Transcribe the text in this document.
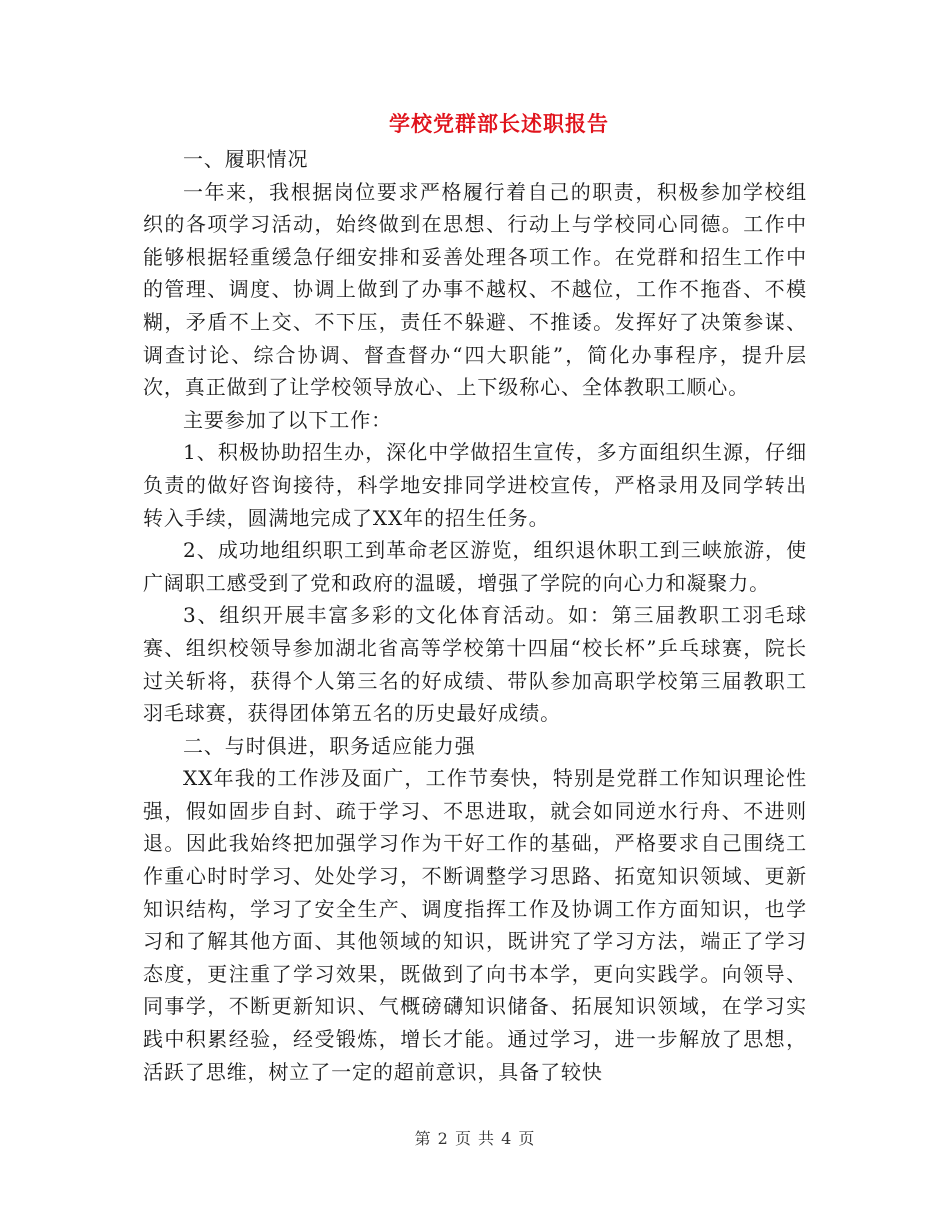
学校党群部长述职报告

一、履职情况

一年来，我根据岗位要求严格履行着自己的职责，积极参加学校组织的各项学习活动，始终做到在思想、行动上与学校同心同德。工作中能够根据轻重缓急仔细安排和妥善处理各项工作。在党群和招生工作中的管理、调度、协调上做到了办事不越权、不越位，工作不拖沓、不模糊，矛盾不上交、不下压，责任不躲避、不推诿。发挥好了决策参谋、调查讨论、综合协调、督查督办“四大职能”，简化办事程序，提升层次，真正做到了让学校领导放心、上下级称心、全体教职工顺心。

主要参加了以下工作：

1、积极协助招生办，深化中学做招生宣传，多方面组织生源，仔细负责的做好咨询接待，科学地安排同学进校宣传，严格录用及同学转出转入手续，圆满地完成了XX年的招生任务。

2、成功地组织职工到革命老区游览，组织退休职工到三峡旅游，使广阔职工感受到了党和政府的温暖，增强了学院的向心力和凝聚力。

3、组织开展丰富多彩的文化体育活动。如：第三届教职工羽毛球赛、组织校领导参加湖北省高等学校第十四届“校长杯”乒乓球赛，院长过关斩将，获得个人第三名的好成绩、带队参加高职学校第三届教职工羽毛球赛，获得团体第五名的历史最好成绩。

二、与时俱进，职务适应能力强

XX年我的工作涉及面广，工作节奏快，特别是党群工作知识理论性强，假如固步自封、疏于学习、不思进取，就会如同逆水行舟、不进则退。因此我始终把加强学习作为干好工作的基础，严格要求自己围绕工作重心时时学习、处处学习，不断调整学习思路、拓宽知识领域、更新知识结构，学习了安全生产、调度指挥工作及协调工作方面知识，也学习和了解其他方面、其他领域的知识，既讲究了学习方法，端正了学习态度，更注重了学习效果，既做到了向书本学，更向实践学。向领导、同事学，不断更新知识、气概磅礴知识储备、拓展知识领域，在学习实践中积累经验，经受锻炼，增长才能。通过学习，进一步解放了思想，活跃了思维，树立了一定的超前意识，具备了较快

第 2 页 共 4 页
